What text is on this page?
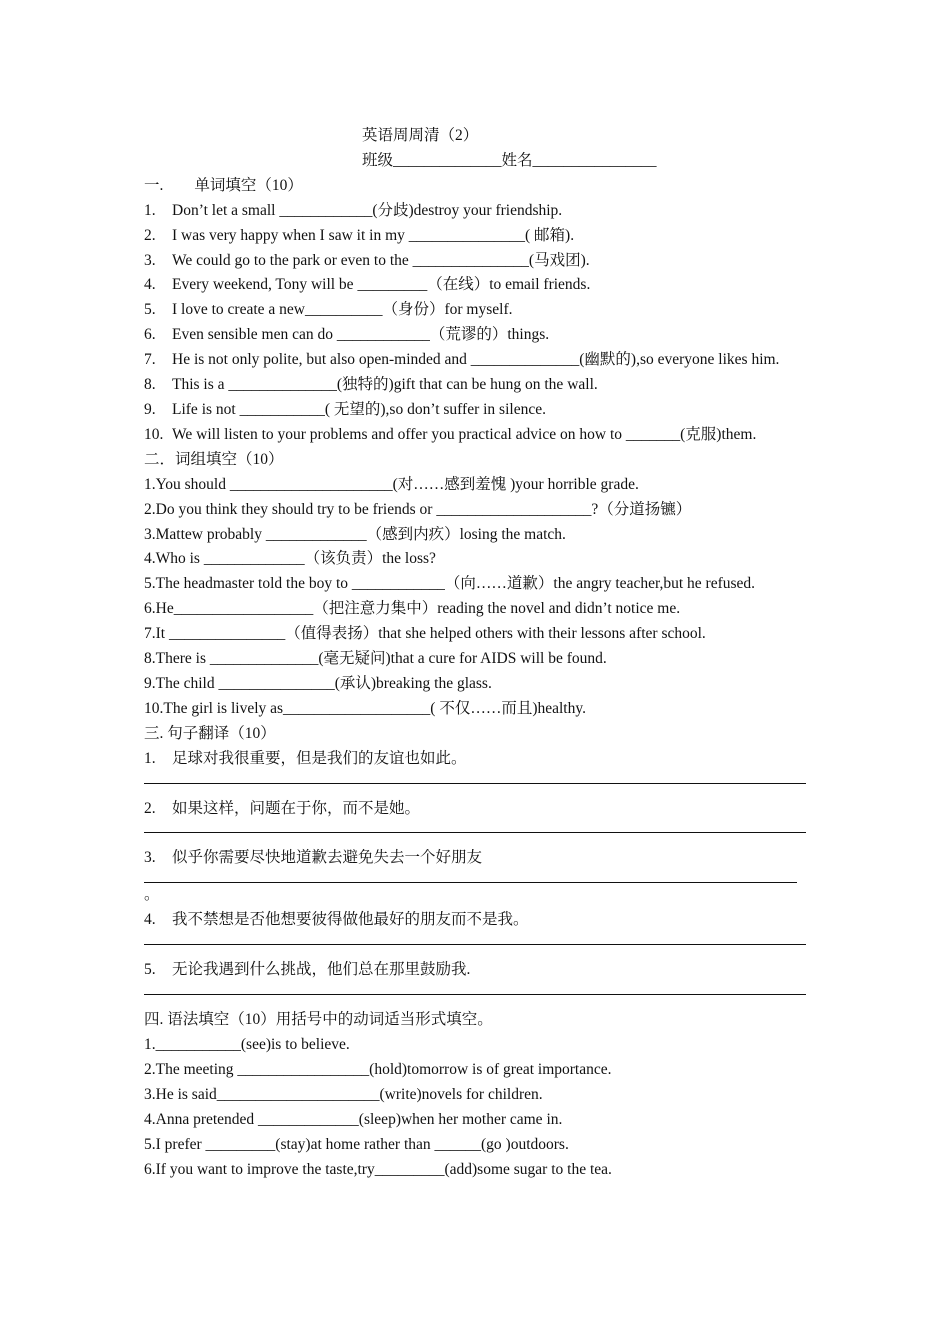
英语周周清（2）
班级______________姓名________________
一.　　单词填空（10）
1.	Don’t let a small ____________(分歧)destroy your friendship.
2.	I was very happy when I saw it in my _______________( 邮箱).
3.	We could go to the park or even to the _______________(马戏团).
4.	Every weekend, Tony will be _________（在线）to email friends.
5.	I love to create a new__________（身份）for myself.
6.	Even sensible men can do ____________（荒谬的）things.
7.	He is not only polite, but also open-minded and ______________(幽默的),so everyone likes him.
8.	This is a ______________(独特的)gift that can be hung on the wall.
9.	Life is not ___________( 无望的),so don’t suffer in silence.
10. We will listen to your problems and offer you practical advice on how to _______(克服)them.
二．词组填空（10）
1.You should _____________________(对……感到羞愧 )your horrible grade.
2.Do you think they should try to be friends or ____________________?（分道扬镳）
3.Mattew probably _____________（感到内疚）losing the match.
4.Who is _____________（该负责）the loss?
5.The headmaster told the boy to ____________（向……道歉）the angry teacher,but he refused.
6.He__________________（把注意力集中）reading the novel and didn’t notice me.
7.It _______________（值得表扬）that she helped others with their lessons after school.
8.There is ______________(毫无疑问)that a cure for AIDS will be found.
9.The child _______________(承认)breaking the glass.
10.The girl is lively as___________________( 不仅……而且)healthy.
三. 句子翻译（10）
1.	足球对我很重要，但是我们的友谊也如此。
2.	如果这样，问题在于你，而不是她。
3.	似乎你需要尽快地道歉去避免失去一个好朋友
。
4.	我不禁想是否他想要彼得做他最好的朋友而不是我。
5.	无论我遇到什么挑战，他们总在那里鼓励我.
四. 语法填空（10）用括号中的动词适当形式填空。
1.___________(see)is to believe.
2.The meeting _________________(hold)tomorrow is of great importance.
3.He is said_____________________(write)novels for children.
4.Anna pretended _____________(sleep)when her mother came in.
5.I prefer _________(stay)at home rather than ______(go )outdoors.
6.If you want to improve the taste,try_________(add)some sugar to the tea.
